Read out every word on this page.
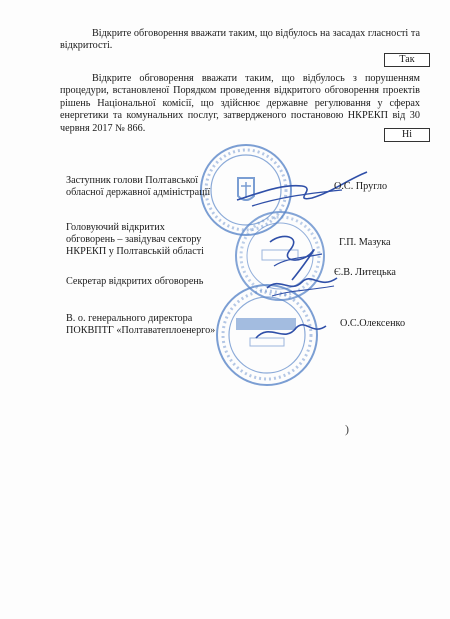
Відкрите обговорення вважати таким, що відбулось на засадах гласності та відкритості.
Так
Відкрите обговорення вважати таким, що відбулось з порушенням процедури, встановленої Порядком проведення відкритого обговорення проектів рішень Національної комісії, що здійснює державне регулювання у сферах енергетики та комунальних послуг, затвердженого постановою НКРЕКП від 30 червня 2017 № 866.
Ні
Заступник голови Полтавської
обласної державної адміністрації
О.С. Пругло
Головуючий відкритих
обговорень – завідувач сектору
НКРЕКП у Полтавській області
Г.П. Мазука
Секретар відкритих обговорень
Є.В. Литецька
В. о. генерального директора
ПОКВПТГ «Полтаватеплоенерго»
О.С.Олексенко
)
